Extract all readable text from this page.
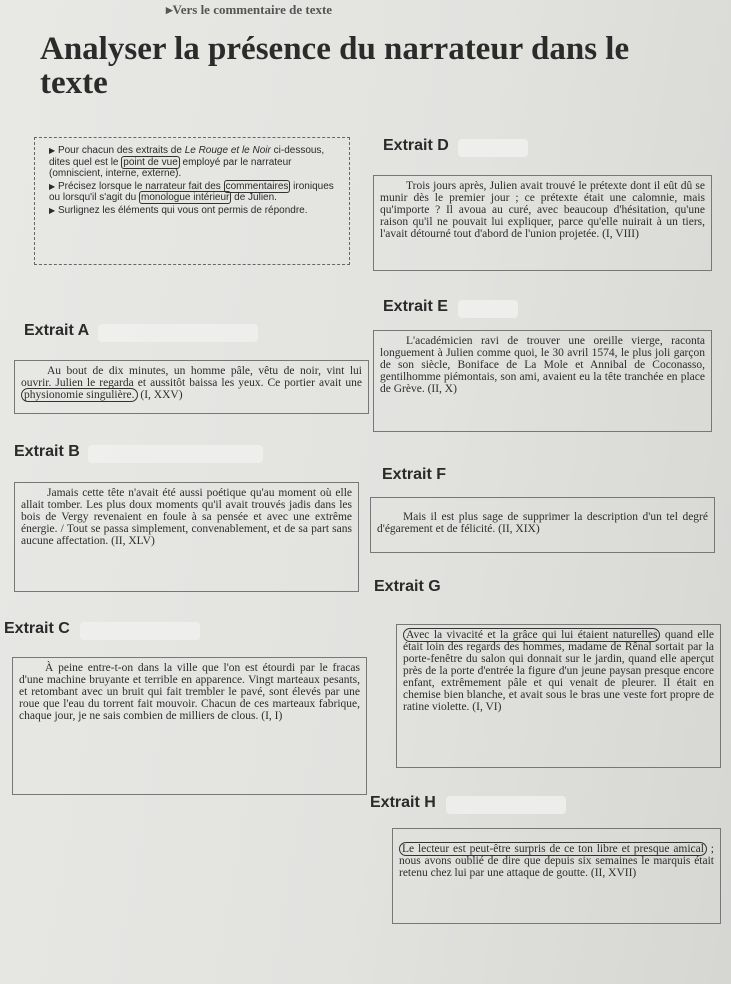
▸Vers le commentaire de texte
Analyser la présence du narrateur dans le texte

▶ Pour chacun des extraits de Le Rouge et le Noir ci-dessous, dites quel est le point de vue employé par le narrateur (omniscient, interne, externe).

▶ Précisez lorsque le narrateur fait des commentaires ironiques ou lorsqu'il s'agit du monologue intérieur de Julien.

▶ Surlignez les éléments qui vous ont permis de répondre.

Extrait D

Trois jours après, Julien avait trouvé le prétexte dont il eût dû se munir dès le premier jour ; ce prétexte était une calomnie, mais qu'importe ? Il avoua au curé, avec beaucoup d'hésitation, qu'une raison qu'il ne pouvait lui expliquer, parce qu'elle nuirait à un tiers, l'avait détourné tout d'abord de l'union projetée. (I, VIII)

Extrait A

Au bout de dix minutes, un homme pâle, vêtu de noir, vint lui ouvrir. Julien le regarda et aussitôt baissa les yeux. Ce portier avait une physionomie singulière. (I, XXV)

Extrait E

L'académicien ravi de trouver une oreille vierge, raconta longuement à Julien comme quoi, le 30 avril 1574, le plus joli garçon de son siècle, Boniface de La Mole et Annibal de Coconasso, gentilhomme piémontais, son ami, avaient eu la tête tranchée en place de Grève. (II, X)

Extrait B

Jamais cette tête n'avait été aussi poétique qu'au moment où elle allait tomber. Les plus doux moments qu'il avait trouvés jadis dans les bois de Vergy revenaient en foule à sa pensée et avec une extrême énergie. / Tout se passa simplement, convenablement, et de sa part sans aucune affectation. (II, XLV)

Extrait F

Mais il est plus sage de supprimer la description d'un tel degré d'égarement et de félicité. (II, XIX)

Extrait G

Avec la vivacité et la grâce qui lui étaient naturelles quand elle était loin des regards des hommes, madame de Rênal sortait par la porte-fenêtre du salon qui donnait sur le jardin, quand elle aperçut près de la porte d'entrée la figure d'un jeune paysan presque encore enfant, extrêmement pâle et qui venait de pleurer. Il était en chemise bien blanche, et avait sous le bras une veste fort propre de ratine violette. (I, VI)

Extrait C

À peine entre-t-on dans la ville que l'on est étourdi par le fracas d'une machine bruyante et terrible en apparence. Vingt marteaux pesants, et retombant avec un bruit qui fait trembler le pavé, sont élevés par une roue que l'eau du torrent fait mouvoir. Chacun de ces marteaux fabrique, chaque jour, je ne sais combien de milliers de clous. (I, I)

Extrait H

Le lecteur est peut-être surpris de ce ton libre et presque amical ; nous avons oublié de dire que depuis six semaines le marquis était retenu chez lui par une attaque de goutte. (II, XVII)
